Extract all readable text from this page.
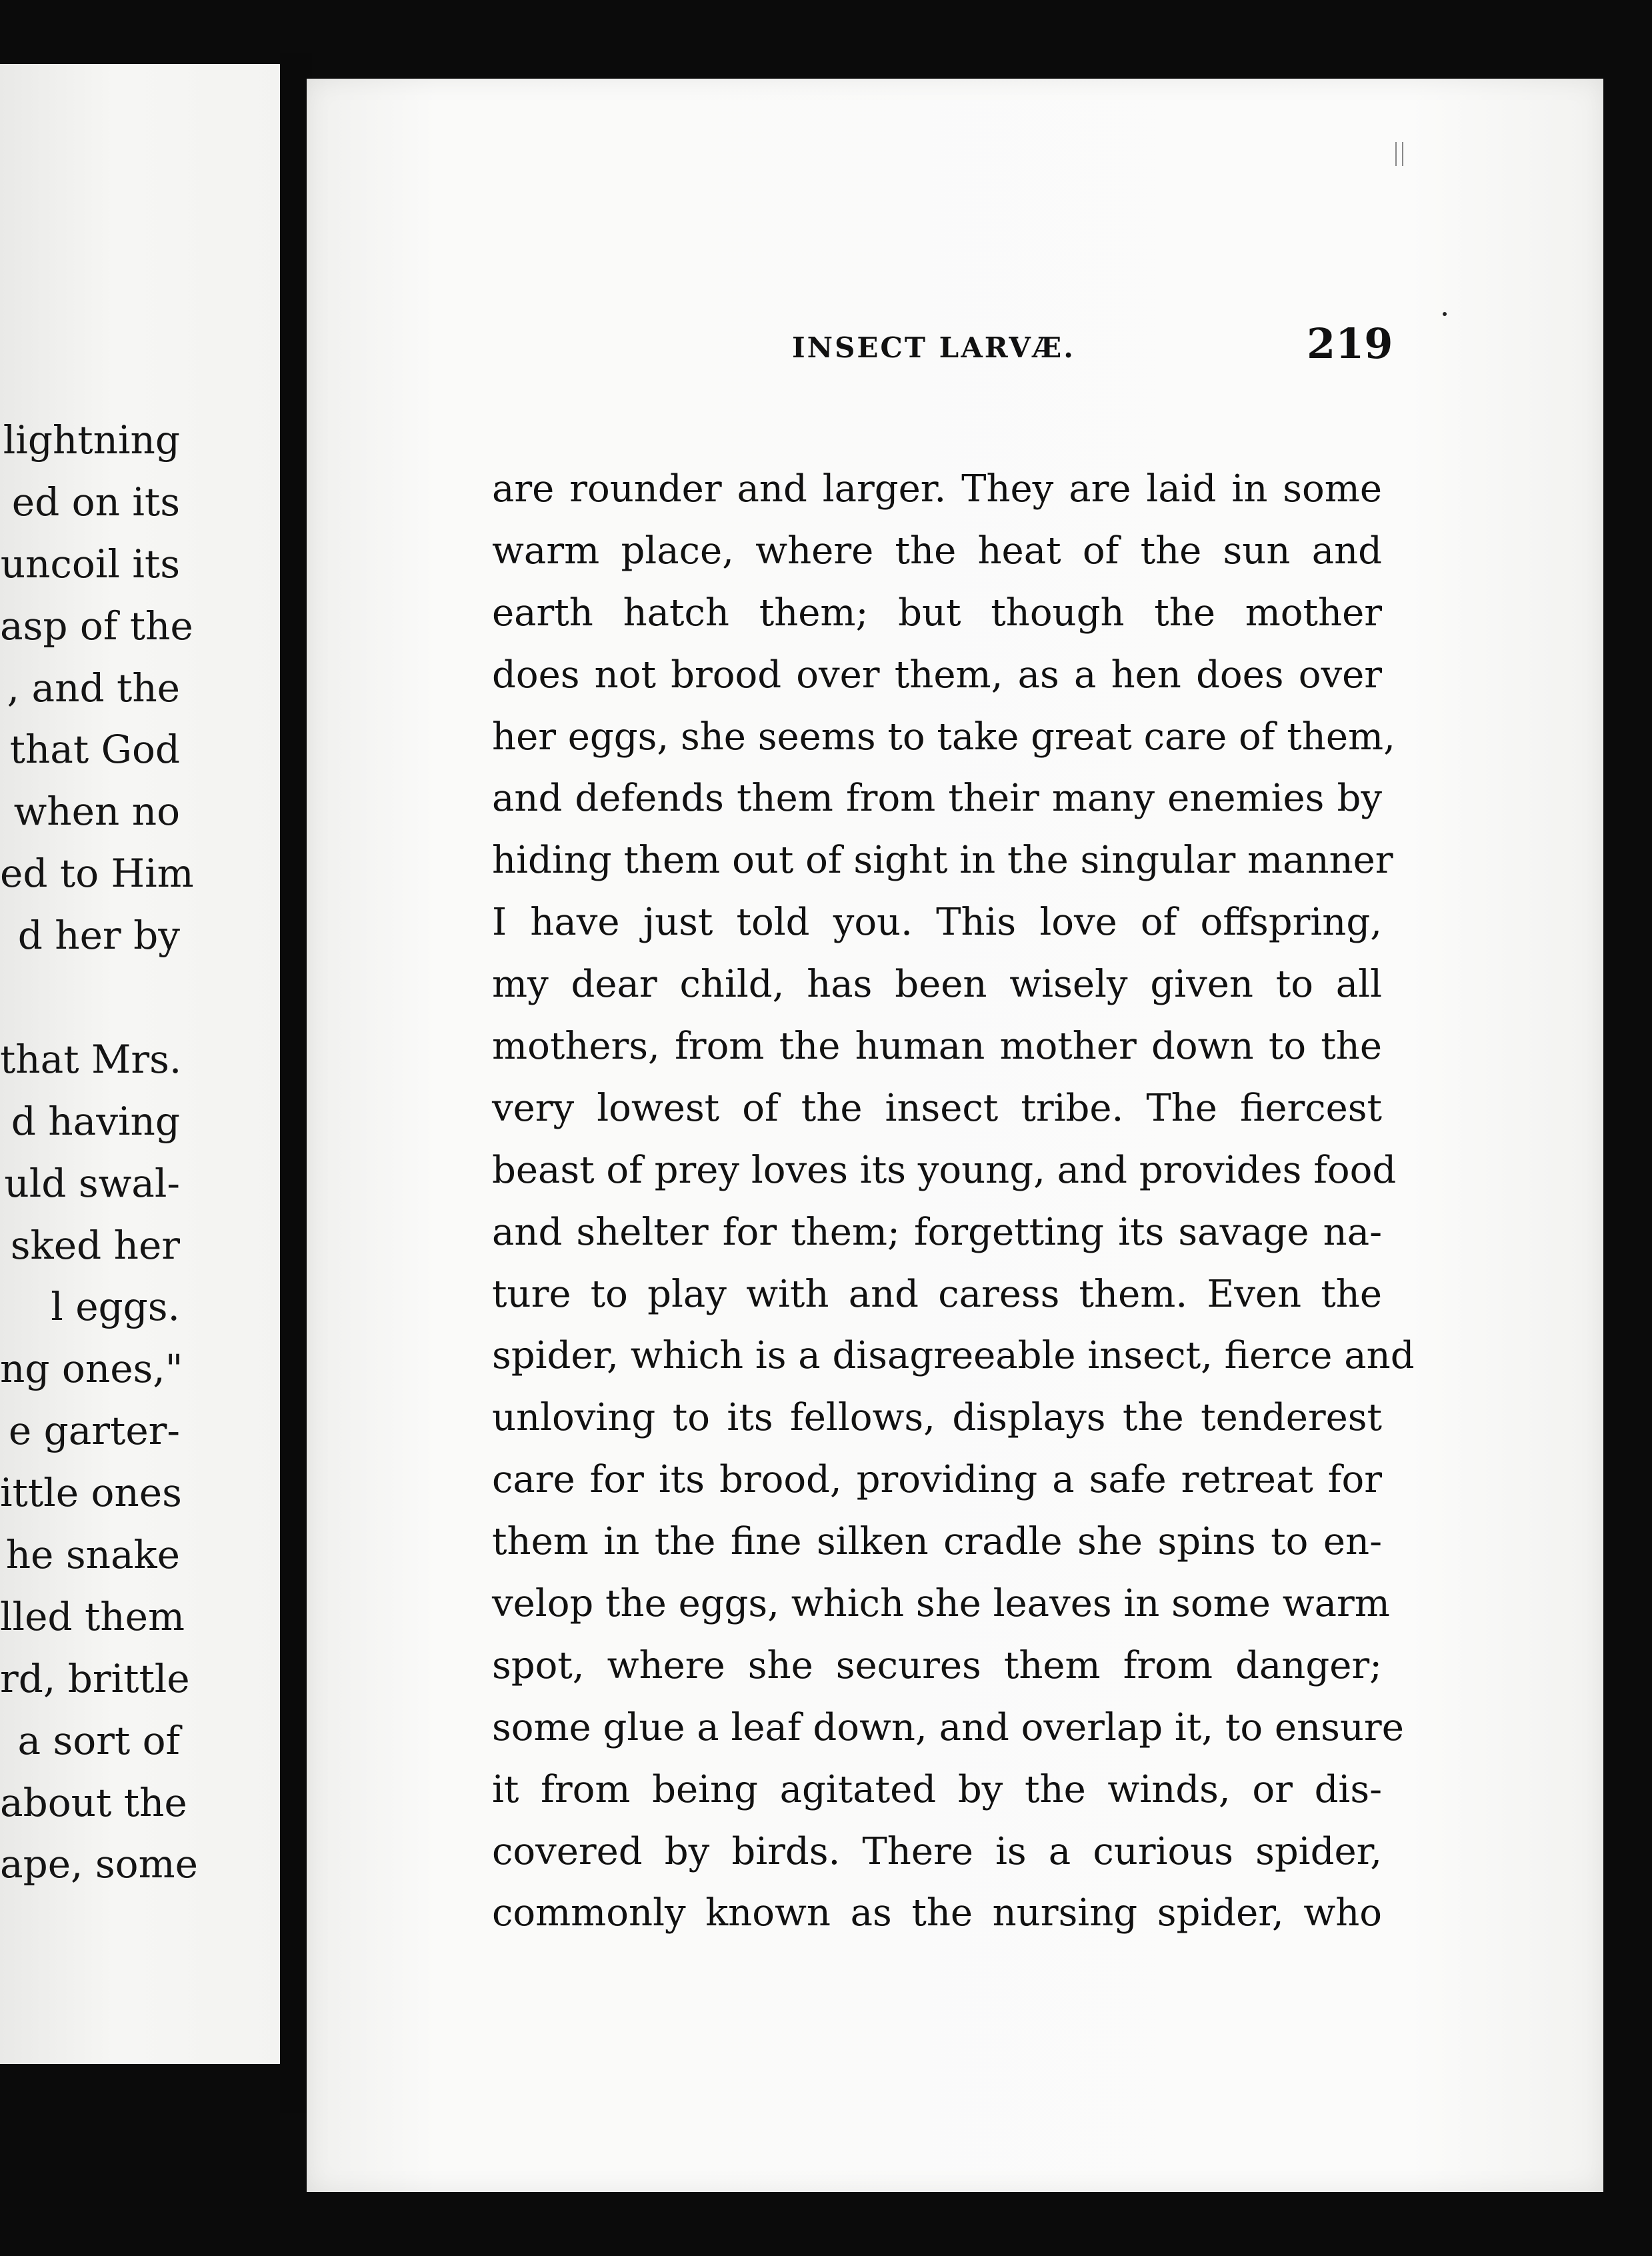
lightning
ed on its
uncoil its
asp of the
, and the
that God
when no
ed to Him
d her by
that Mrs.
d having
uld swal-
sked her
l eggs.
ng ones,"
e garter-
ittle ones
he snake
lled them
rd, brittle
a sort of
about the
ape, some
INSECT LARVÆ.	219
are rounder and larger. They are laid in some
warm place, where the heat of the sun and
earth hatch them; but though the mother
does not brood over them, as a hen does over
her eggs, she seems to take great care of them,
and defends them from their many enemies by
hiding them out of sight in the singular manner
I have just told you. This love of offspring,
my dear child, has been wisely given to all
mothers, from the human mother down to the
very lowest of the insect tribe. The fiercest
beast of prey loves its young, and provides food
and shelter for them; forgetting its savage na-
ture to play with and caress them. Even the
spider, which is a disagreeable insect, fierce and
unloving to its fellows, displays the tenderest
care for its brood, providing a safe retreat for
them in the fine silken cradle she spins to en-
velop the eggs, which she leaves in some warm
spot, where she secures them from danger;
some glue a leaf down, and overlap it, to ensure
it from being agitated by the winds, or dis-
covered by birds. There is a curious spider,
commonly known as the nursing spider, who
